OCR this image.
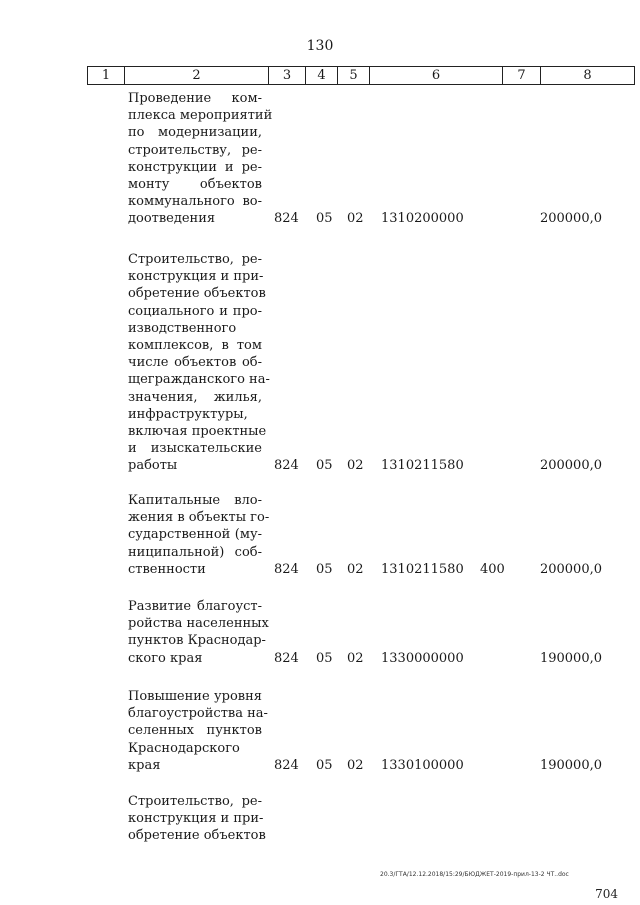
130
1	2	3	4	5	6	7	8
Проведение ком-
плекса мероприятий
по модернизации,
строительству, ре-
конструкции и ре-
монту объектов
коммунального во-
доотведения	824 05 02 1310200000	200000,0
Строительство, ре-
конструкция и при-
обретение объектов
социального и про-
изводственного
комплексов, в том
числе объектов об-
щегражданского на-
значения, жилья,
инфраструктуры,
включая проектные
и изыскательские
работы	824 05 02 1310211580	200000,0
Капитальные вло-
жения в объекты го-
сударственной (му-
ниципальной) соб-
ственности	824 05 02 1310211580 400	200000,0
Развитие благоуст-
ройства населенных
пунктов Краснодар-
ского края	824 05 02 1330000000	190000,0
Повышение уровня
благоустройства на-
селенных пунктов
Краснодарского
края	824 05 02 1330100000	190000,0
Строительство, ре-
конструкция и при-
обретение объектов
20.3/ГТА/12.12.2018/15:29/БЮДЖЕТ-2019-прил-13-2 ЧТ..doc
704
